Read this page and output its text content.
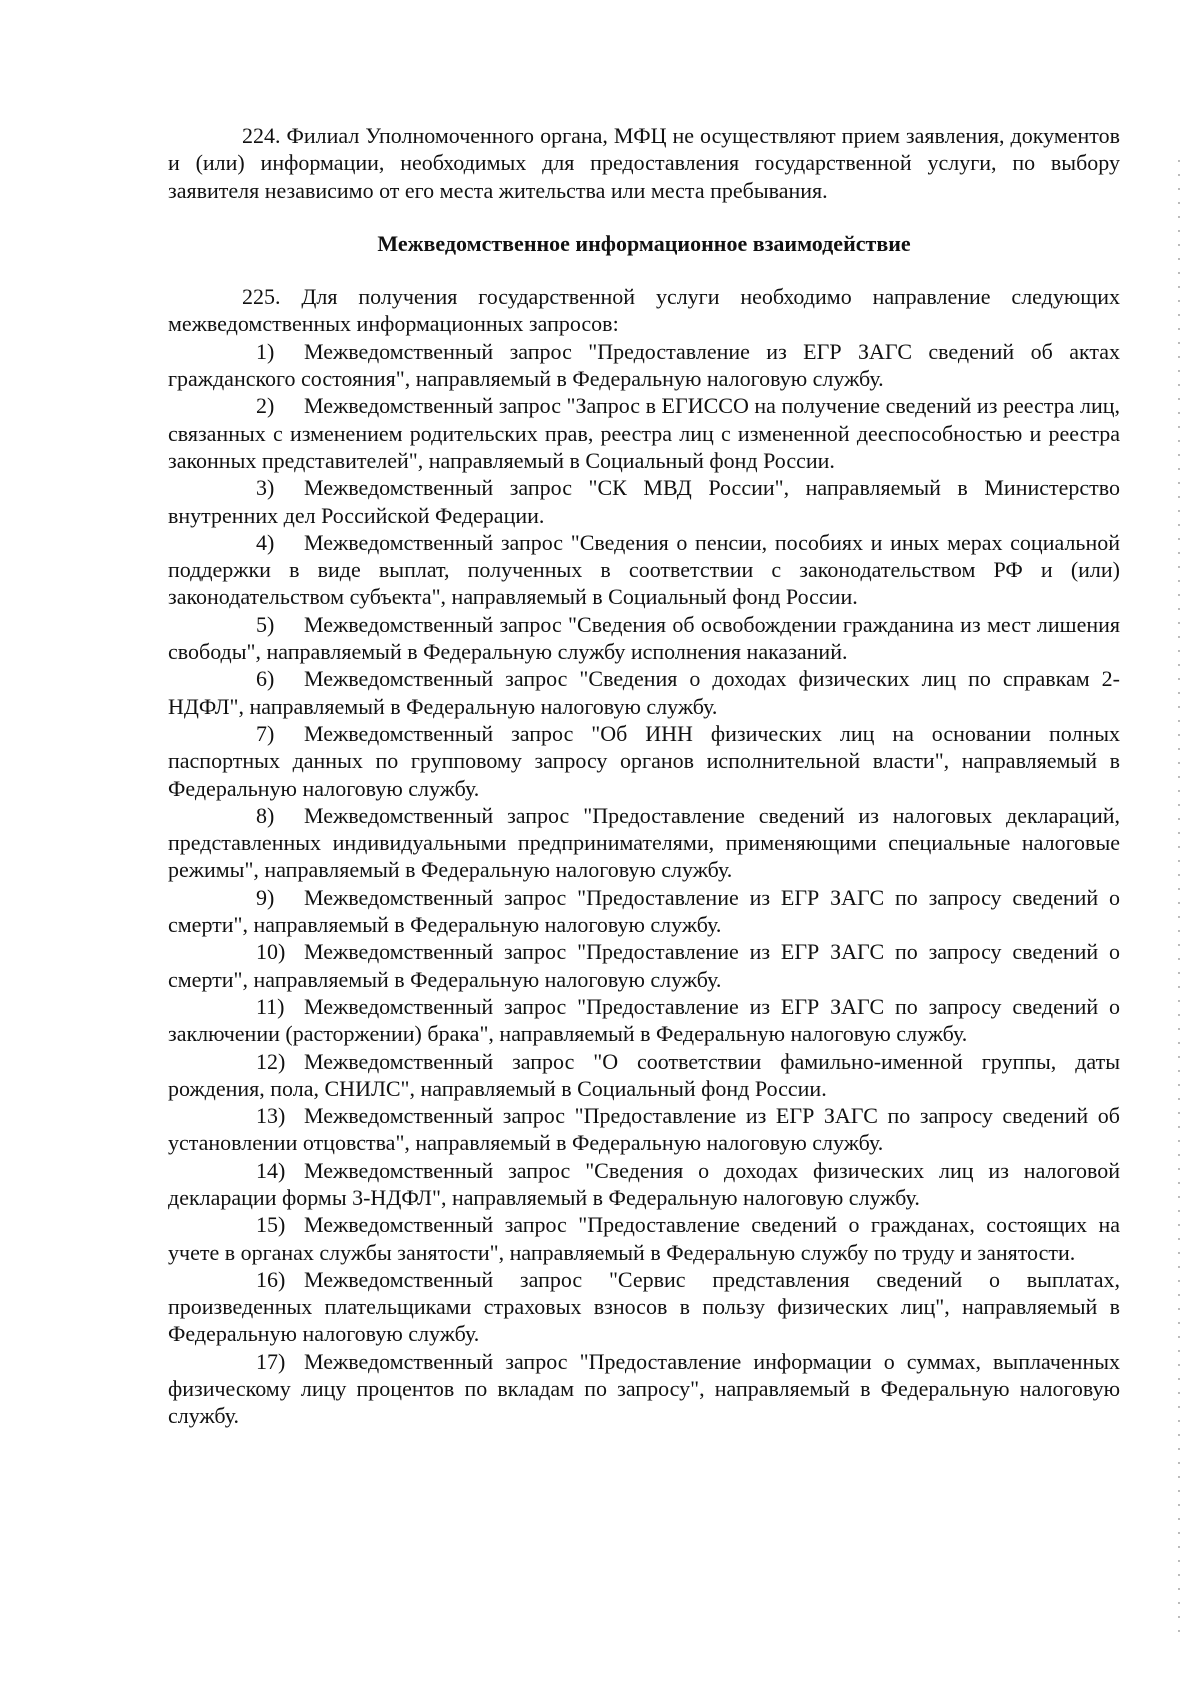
224. Филиал Уполномоченного органа, МФЦ не осуществляют прием заявления, документов и (или) информации, необходимых для предоставления государственной услуги, по выбору заявителя независимо от его места жительства или места пребывания.

Межведомственное информационное взаимодействие

225. Для получения государственной услуги необходимо направление следующих межведомственных информационных запросов:

1) Межведомственный запрос "Предоставление из ЕГР ЗАГС сведений об актах гражданского состояния", направляемый в Федеральную налоговую службу.

2) Межведомственный запрос "Запрос в ЕГИССО на получение сведений из реестра лиц, связанных с изменением родительских прав, реестра лиц с измененной дееспособностью и реестра законных представителей", направляемый в Социальный фонд России.

3) Межведомственный запрос "СК МВД России", направляемый в Министерство внутренних дел Российской Федерации.

4) Межведомственный запрос "Сведения о пенсии, пособиях и иных мерах социальной поддержки в виде выплат, полученных в соответствии с законодательством РФ и (или) законодательством субъекта", направляемый в Социальный фонд России.

5) Межведомственный запрос "Сведения об освобождении гражданина из мест лишения свободы", направляемый в Федеральную службу исполнения наказаний.

6) Межведомственный запрос "Сведения о доходах физических лиц по справкам 2-НДФЛ", направляемый в Федеральную налоговую службу.

7) Межведомственный запрос "Об ИНН физических лиц на основании полных паспортных данных по групповому запросу органов исполнительной власти", направляемый в Федеральную налоговую службу.

8) Межведомственный запрос "Предоставление сведений из налоговых деклараций, представленных индивидуальными предпринимателями, применяющими специальные налоговые режимы", направляемый в Федеральную налоговую службу.

9) Межведомственный запрос "Предоставление из ЕГР ЗАГС по запросу сведений о смерти", направляемый в Федеральную налоговую службу.

10) Межведомственный запрос "Предоставление из ЕГР ЗАГС по запросу сведений о смерти", направляемый в Федеральную налоговую службу.

11) Межведомственный запрос "Предоставление из ЕГР ЗАГС по запросу сведений о заключении (расторжении) брака", направляемый в Федеральную налоговую службу.

12) Межведомственный запрос "О соответствии фамильно-именной группы, даты рождения, пола, СНИЛС", направляемый в Социальный фонд России.

13) Межведомственный запрос "Предоставление из ЕГР ЗАГС по запросу сведений об установлении отцовства", направляемый в Федеральную налоговую службу.

14) Межведомственный запрос "Сведения о доходах физических лиц из налоговой декларации формы 3-НДФЛ", направляемый в Федеральную налоговую службу.

15) Межведомственный запрос "Предоставление сведений о гражданах, состоящих на учете в органах службы занятости", направляемый в Федеральную службу по труду и занятости.

16) Межведомственный запрос "Сервис представления сведений о выплатах, произведенных плательщиками страховых взносов в пользу физических лиц", направляемый в Федеральную налоговую службу.

17) Межведомственный запрос "Предоставление информации о суммах, выплаченных физическому лицу процентов по вкладам по запросу", направляемый в Федеральную налоговую службу.
